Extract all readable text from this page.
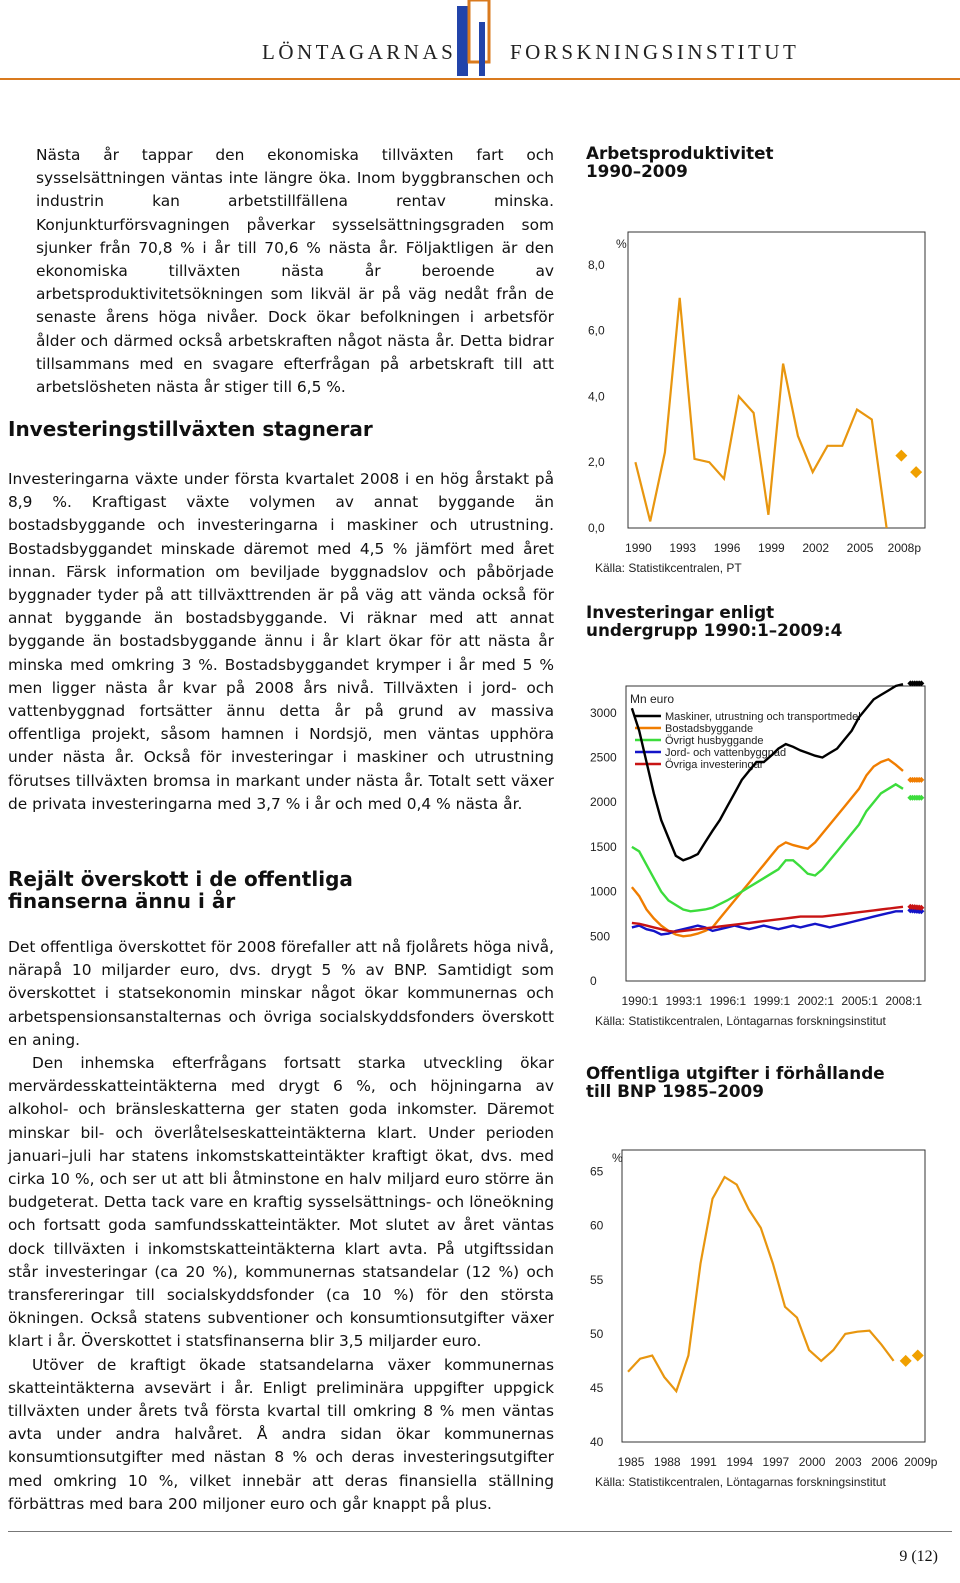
LÖNTAGARNAS	FORSKNINGSINSTITUT

Nästa år tappar den ekonomiska tillväxten fart och sysselsättningen väntas inte längre öka. Inom byggbranschen och industrin kan arbetstillfällena rentav minska. Konjunkturförsvagningen påverkar sysselsättningsgraden som sjunker från 70,8 % i år till 70,6 % nästa år. Följaktligen är den ekonomiska tillväxten nästa år beroende av arbetsproduktivitetsökningen som likväl är på väg nedåt från de senaste årens höga nivåer. Dock ökar befolkningen i arbetsför ålder och därmed också arbetskraften något nästa år. Detta bidrar tillsammans med en svagare efterfrågan på arbetskraft till att arbetslösheten nästa år stiger till 6,5 %.

Investeringstillväxten stagnerar

Investeringarna växte under första kvartalet 2008 i en hög årstakt på 8,9 %. Kraftigast växte volymen av annat byggande än bostadsbyggande och investeringarna i maskiner och utrustning. Bostadsbyggandet minskade däremot med 4,5 % jämfört med året innan. Färsk information om beviljade byggnadslov och påbörjade byggnader tyder på att tillväxttrenden är på väg att vända också för annat byggande än bostadsbyggande. Vi räknar med att annat byggande än bostadsbyggande ännu i år klart ökar för att nästa år minska med omkring 3 %. Bostadsbyggandet krymper i år med 5 % men ligger nästa år kvar på 2008 års nivå. Tillväxten i jord- och vattenbyggnad fortsätter ännu detta år på grund av massiva offentliga projekt, såsom hamnen i Nordsjö, men väntas upphöra under nästa år. Också för investeringar i maskiner och utrustning förutses tillväxten bromsa in markant under nästa år. Totalt sett växer de privata investeringarna med 3,7 % i år och med 0,4 % nästa år.

Rejält överskott i de offentliga finanserna ännu i år

Det offentliga överskottet för 2008 förefaller att nå fjolårets höga nivå, närapå 10 miljarder euro, dvs. drygt 5 % av BNP. Samtidigt som överskottet i statsekonomin minskar något ökar kommunernas och arbetspensionsanstalternas och övriga socialskyddsfonders överskott en aning.

Den inhemska efterfrågans fortsatt starka utveckling ökar mervärdesskatteintäkterna med drygt 6 %, och höjningarna av alkohol- och bränsleskatterna ger staten goda inkomster. Däremot minskar bil- och överlåtelseskatteintäkterna klart. Under perioden januari–juli har statens inkomstskatteintäkter kraftigt ökat, dvs. med cirka 10 %, och ser ut att bli åtminstone en halv miljard euro större än budgeterat. Detta tack vare en kraftig sysselsättnings- och löneökning och fortsatt goda samfundsskatteintäkter. Mot slutet av året väntas dock tillväxten i inkomstskatteintäkterna klart avta. På utgiftssidan står investeringar (ca 20 %), kommunernas statsandelar (12 %) och transfereringar till socialskyddsfonder (ca 10 %) för den största ökningen. Också statens subventioner och konsumtionsutgifter växer klart i år. Överskottet i statsfinanserna blir 3,5 miljarder euro.

Utöver de kraftigt ökade statsandelarna växer kommunernas skatteintäkterna avsevärt i år. Enligt preliminära uppgifter uppgick tillväxten under årets två första kvartal till omkring 8 % men väntas avta under andra halvåret. Å andra sidan ökar kommunernas konsumtionsutgifter med nästan 8 % och deras investeringsutgifter med omkring 10 %, vilket innebär att deras finansiella ställning förbättras med bara 200 miljoner euro och går knappt på plus.

Arbetsproduktivitet
1990–2009
Investeringar enligt
undergrupp 1990:1–2009:4
Offentliga utgifter i förhållande
till BNP 1985–2009
8,0
6,0
4,0
2,0
0,0
%
1990 1993 1996 1999 2002 2005 2008p
Källa: Statistikcentralen, PT
3000
2500
2000
1500
1000
500
0
Mn euro
1990:1 1993:1 1996:1 1999:1 2002:1 2005:1 2008:1
Källa: Statistikcentralen, Löntagarnas forskningsinstitut
Maskiner, utrustning och transportmedel
Bostadsbyggande
Övrigt husbyggande
Jord- och vattenbyggnad
Övriga investeringar
65
60
55
50
45
40
%
1985 1988 1991 1994 1997 2000 2003 2006 2009p
Källa: Statistikcentralen, Löntagarnas forskningsinstitut
9 (12)
